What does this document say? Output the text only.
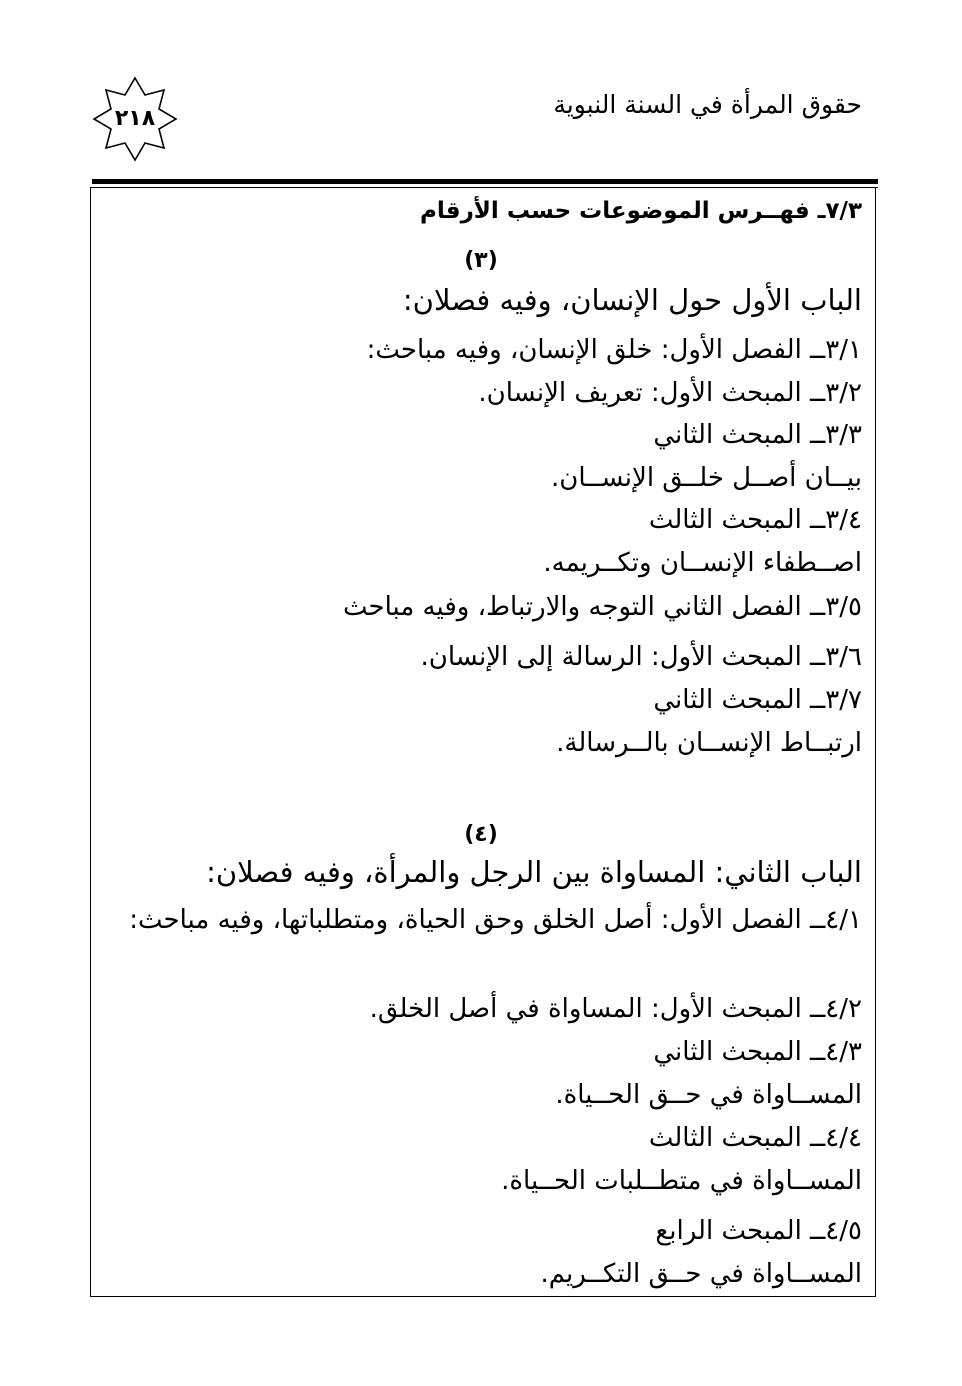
حقوق المرأة في السنة النبوية
٢١٨
٧/٣ـ فهــرس الموضوعات حسب الأرقام
(٣)
الباب الأول حول الإنسان، وفيه فصلان:
٣/١ــ الفصل الأول: خلق الإنسان، وفيه مباحث:
٣/٢ــ المبحث الأول: تعريف الإنسان.
٣/٣ــ المبحث الثاني
بيــان أصــل خلــق الإنســان.
٣/٤ــ المبحث الثالث
اصــطفاء الإنســان وتكــريمه.
٣/٥ــ الفصل الثاني التوجه والارتباط، وفيه مباحث
٣/٦ــ المبحث الأول: الرسالة إلى الإنسان.
٣/٧ــ المبحث الثاني
ارتبــاط الإنســان بالــرسالة.
(٤)
الباب الثاني: المساواة بين الرجل والمرأة، وفيه فصلان:
٤/١ــ الفصل الأول: أصل الخلق وحق الحياة، ومتطلباتها، وفيه مباحث:
٤/٢ــ المبحث الأول: المساواة في أصل الخلق.
٤/٣ــ المبحث الثاني
المســاواة في حــق الحــياة.
٤/٤ــ المبحث الثالث
المســاواة في متطــلبات الحــياة.
٤/٥ــ المبحث الرابع
المســاواة في حــق التكــريم.
